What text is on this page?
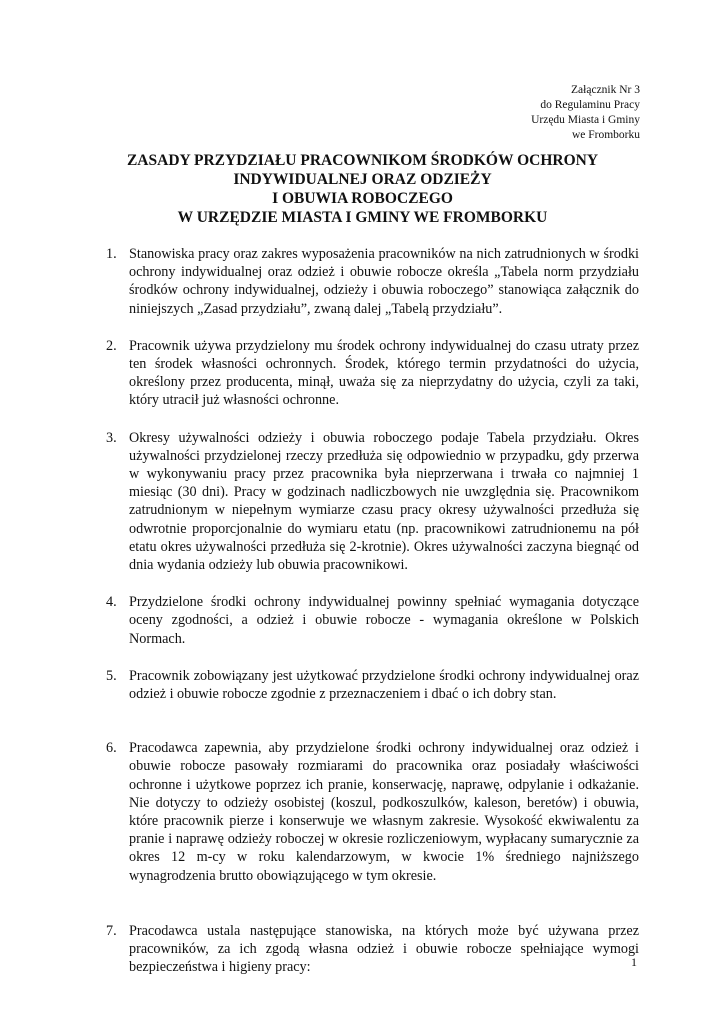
Załącznik Nr 3
do Regulaminu Pracy
Urzędu Miasta i Gminy
we Fromborku
ZASADY PRZYDZIAŁU PRACOWNIKOM ŚRODKÓW OCHRONY
INDYWIDUALNEJ ORAZ ODZIEŻY
I OBUWIA ROBOCZEGO
W URZĘDZIE MIASTA I GMINY WE FROMBORKU
1. Stanowiska pracy oraz zakres wyposażenia pracowników na nich zatrudnionych w środki ochrony indywidualnej oraz odzież i obuwie robocze określa „Tabela norm przydziału środków ochrony indywidualnej, odzieży i obuwia roboczego” stanowiąca załącznik do niniejszych „Zasad przydziału”, zwaną dalej „Tabelą przydziału”.
2. Pracownik używa przydzielony mu środek ochrony indywidualnej do czasu utraty przez ten środek własności ochronnych. Środek, którego termin przydatności do użycia, określony przez producenta, minął, uważa się za nieprzydatny do użycia, czyli za taki, który utracił już własności ochronne.
3. Okresy używalności odzieży i obuwia roboczego podaje Tabela przydziału. Okres używalności przydzielonej rzeczy przedłuża się odpowiednio w przypadku, gdy przerwa w wykonywaniu pracy przez pracownika była nieprzerwana i trwała co najmniej 1 miesiąc (30 dni). Pracy w godzinach nadliczbowych nie uwzględnia się. Pracownikom zatrudnionym w niepełnym wymiarze czasu pracy okresy używalności przedłuża się odwrotnie proporcjonalnie do wymiaru etatu (np. pracownikowi zatrudnionemu na pół etatu okres używalności przedłuża się 2-krotnie). Okres używalności zaczyna biegnąć od dnia wydania odzieży lub obuwia pracownikowi.
4. Przydzielone środki ochrony indywidualnej powinny spełniać wymagania dotyczące oceny zgodności, a odzież i obuwie robocze - wymagania określone w Polskich Normach.
5. Pracownik zobowiązany jest użytkować przydzielone środki ochrony indywidualnej oraz odzież i obuwie robocze zgodnie z przeznaczeniem i dbać o ich dobry stan.
6. Pracodawca zapewnia, aby przydzielone środki ochrony indywidualnej oraz odzież i obuwie robocze pasowały rozmiarami do pracownika oraz posiadały właściwości ochronne i użytkowe poprzez ich pranie, konserwację, naprawę, odpylanie i odkażanie. Nie dotyczy to odzieży osobistej (koszul, podkoszulków, kaleson, beretów) i obuwia, które pracownik pierze i konserwuje we własnym zakresie. Wysokość ekwiwalentu za pranie i naprawę odzieży roboczej w okresie rozliczeniowym, wypłacany sumarycznie za okres 12 m-cy w roku kalendarzowym, w kwocie 1% średniego najniższego wynagrodzenia brutto obowiązującego w tym okresie.
7. Pracodawca ustala następujące stanowiska, na których może być używana przez pracowników, za ich zgodą własna odzież i obuwie robocze spełniające wymogi bezpieczeństwa i higieny pracy:	1
